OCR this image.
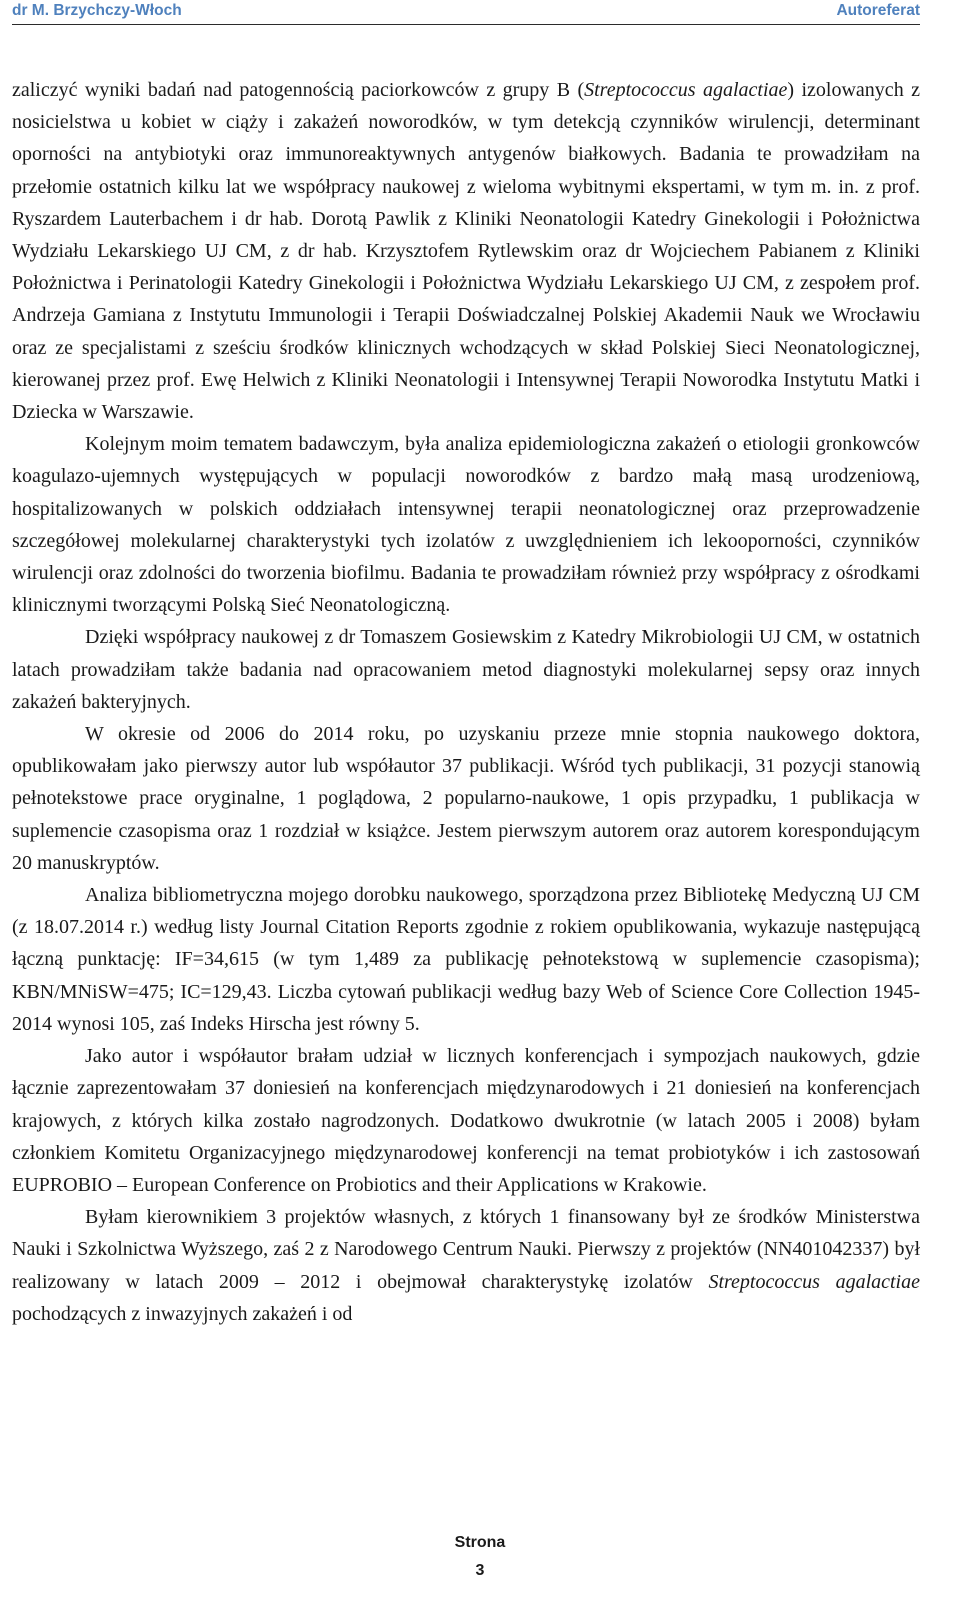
dr M. Brzychczy-Włoch	Autoreferat

zaliczyć wyniki badań nad patogennością paciorkowców z grupy B (Streptococcus agalactiae) izolowanych z nosicielstwa u kobiet w ciąży i zakażeń noworodków, w tym detekcją czynników wirulencji, determinant oporności na antybiotyki oraz immunoreaktywnych antygenów białkowych. Badania te prowadziłam na przełomie ostatnich kilku lat we współpracy naukowej z wieloma wybitnymi ekspertami, w tym m. in. z prof. Ryszardem Lauterbachem i dr hab. Dorotą Pawlik z Kliniki Neonatologii Katedry Ginekologii i Położnictwa Wydziału Lekarskiego UJ CM, z dr hab. Krzysztofem Rytlewskim oraz dr Wojciechem Pabianem z Kliniki Położnictwa i Perinatologii Katedry Ginekologii i Położnictwa Wydziału Lekarskiego UJ CM, z zespołem prof. Andrzeja Gamiana z Instytutu Immunologii i Terapii Doświadczalnej Polskiej Akademii Nauk we Wrocławiu oraz ze specjalistami z sześciu środków klinicznych wchodzących w skład Polskiej Sieci Neonatologicznej, kierowanej przez prof. Ewę Helwich z Kliniki Neonatologii i Intensywnej Terapii Noworodka Instytutu Matki i Dziecka w Warszawie.

Kolejnym moim tematem badawczym, była analiza epidemiologiczna zakażeń o etiologii gronkowców koagulazo-ujemnych występujących w populacji noworodków z bardzo małą masą urodzeniową, hospitalizowanych w polskich oddziałach intensywnej terapii neonatologicznej oraz przeprowadzenie szczegółowej molekularnej charakterystyki tych izolatów z uwzględnieniem ich lekooporności, czynników wirulencji oraz zdolności do tworzenia biofilmu. Badania te prowadziłam również przy współpracy z ośrodkami klinicznymi tworzącymi Polską Sieć Neonatologiczną.

Dzięki współpracy naukowej z dr Tomaszem Gosiewskim z Katedry Mikrobiologii UJ CM, w ostatnich latach prowadziłam także badania nad opracowaniem metod diagnostyki molekularnej sepsy oraz innych zakażeń bakteryjnych.

W okresie od 2006 do 2014 roku, po uzyskaniu przeze mnie stopnia naukowego doktora, opublikowałam jako pierwszy autor lub współautor 37 publikacji. Wśród tych publikacji, 31 pozycji stanowią pełnotekstowe prace oryginalne, 1 poglądowa, 2 popularno-naukowe, 1 opis przypadku, 1 publikacja w suplemencie czasopisma oraz 1 rozdział w książce. Jestem pierwszym autorem oraz autorem korespondującym 20 manuskryptów.

Analiza bibliometryczna mojego dorobku naukowego, sporządzona przez Bibliotekę Medyczną UJ CM (z 18.07.2014 r.) według listy Journal Citation Reports zgodnie z rokiem opublikowania, wykazuje następującą łączną punktację: IF=34,615 (w tym 1,489 za publikację pełnotekstową w suplemencie czasopisma); KBN/MNiSW=475; IC=129,43. Liczba cytowań publikacji według bazy Web of Science Core Collection 1945-2014 wynosi 105, zaś Indeks Hirscha jest równy 5.

Jako autor i współautor brałam udział w licznych konferencjach i sympozjach naukowych, gdzie łącznie zaprezentowałam 37 doniesień na konferencjach międzynarodowych i 21 doniesień na konferencjach krajowych, z których kilka zostało nagrodzonych. Dodatkowo dwukrotnie (w latach 2005 i 2008) byłam członkiem Komitetu Organizacyjnego międzynarodowej konferencji na temat probiotyków i ich zastosowań EUPROBIO – European Conference on Probiotics and their Applications w Krakowie.

Byłam kierownikiem 3 projektów własnych, z których 1 finansowany był ze środków Ministerstwa Nauki i Szkolnictwa Wyższego, zaś 2 z Narodowego Centrum Nauki. Pierwszy z projektów (NN401042337) był realizowany w latach 2009 – 2012 i obejmował charakterystykę izolatów Streptococcus agalactiae pochodzących z inwazyjnych zakażeń i od

Strona
3
